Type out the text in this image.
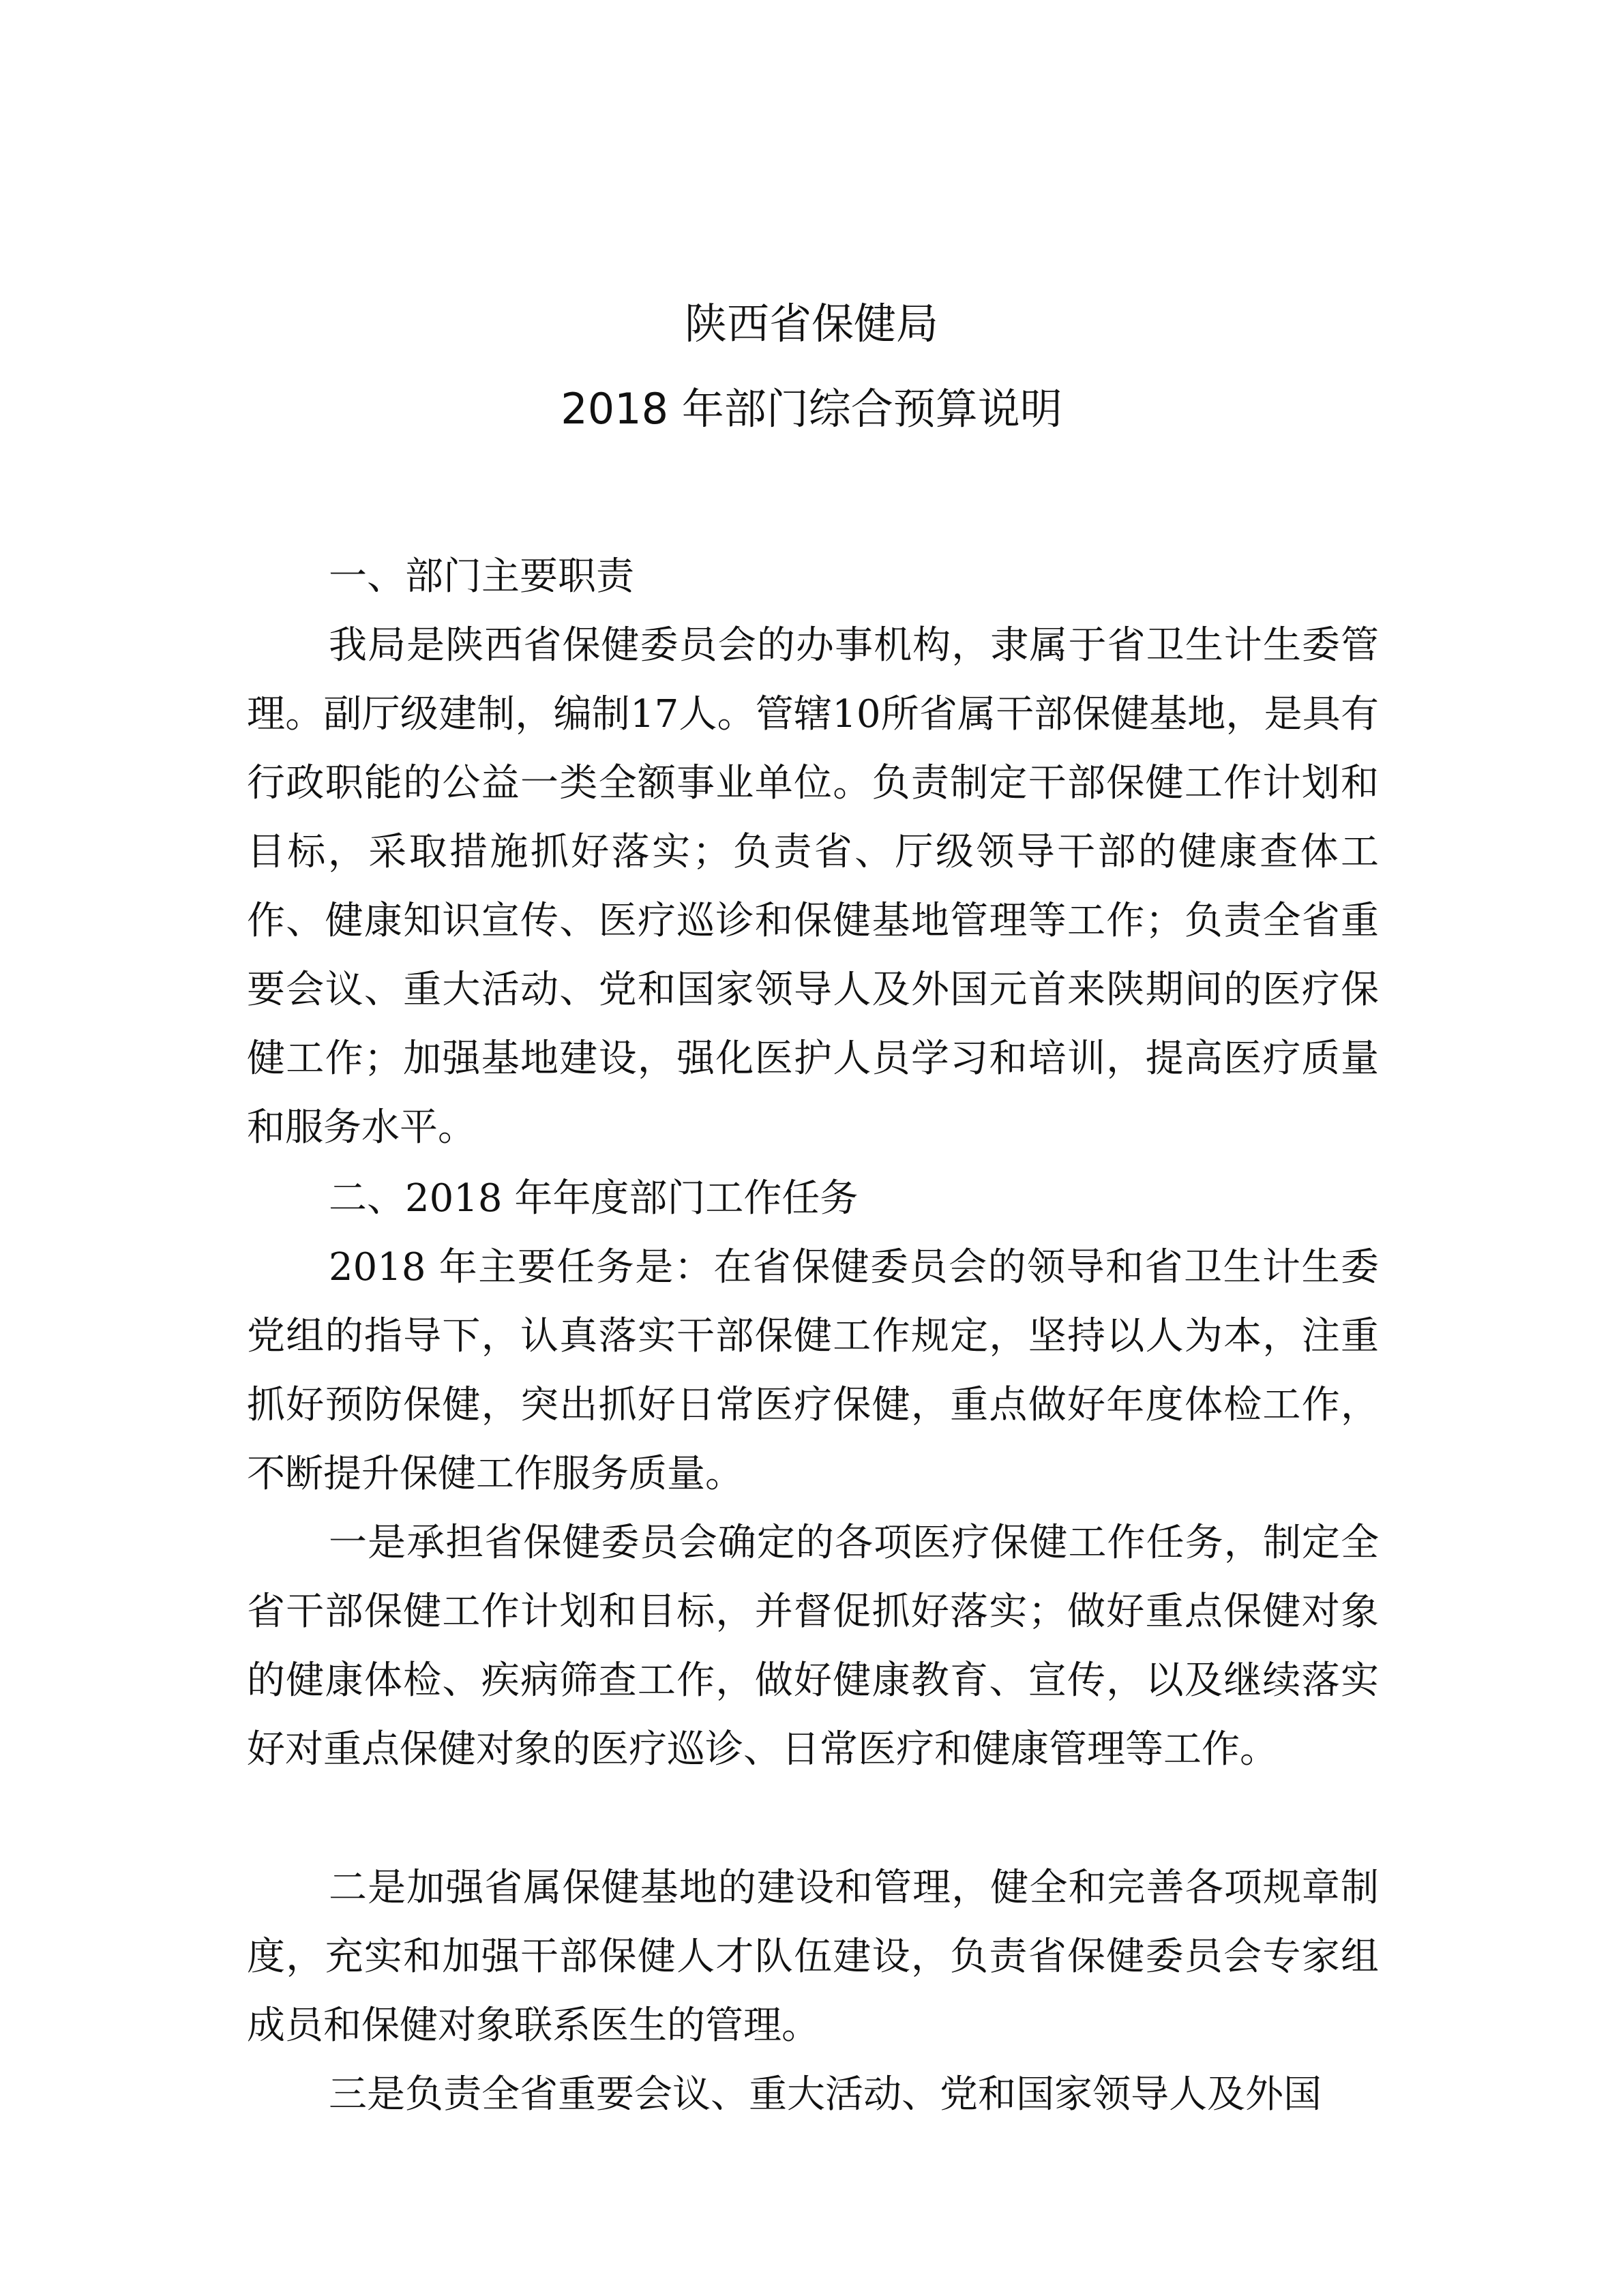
陕西省保健局
2018 年部门综合预算说明

一、部门主要职责

我局是陕西省保健委员会的办事机构，隶属于省卫生计生委管理。副厅级建制，编制17人。管辖10所省属干部保健基地，是具有行政职能的公益一类全额事业单位。负责制定干部保健工作计划和目标，采取措施抓好落实；负责省、厅级领导干部的健康查体工作、健康知识宣传、医疗巡诊和保健基地管理等工作；负责全省重要会议、重大活动、党和国家领导人及外国元首来陕期间的医疗保健工作；加强基地建设，强化医护人员学习和培训，提高医疗质量和服务水平。

二、2018 年年度部门工作任务

2018 年主要任务是：在省保健委员会的领导和省卫生计生委党组的指导下，认真落实干部保健工作规定，坚持以人为本，注重抓好预防保健，突出抓好日常医疗保健，重点做好年度体检工作，不断提升保健工作服务质量。

一是承担省保健委员会确定的各项医疗保健工作任务，制定全省干部保健工作计划和目标，并督促抓好落实；做好重点保健对象的健康体检、疾病筛查工作，做好健康教育、宣传，以及继续落实好对重点保健对象的医疗巡诊、日常医疗和健康管理等工作。

二是加强省属保健基地的建设和管理，健全和完善各项规章制度，充实和加强干部保健人才队伍建设，负责省保健委员会专家组成员和保健对象联系医生的管理。

三是负责全省重要会议、重大活动、党和国家领导人及外国
